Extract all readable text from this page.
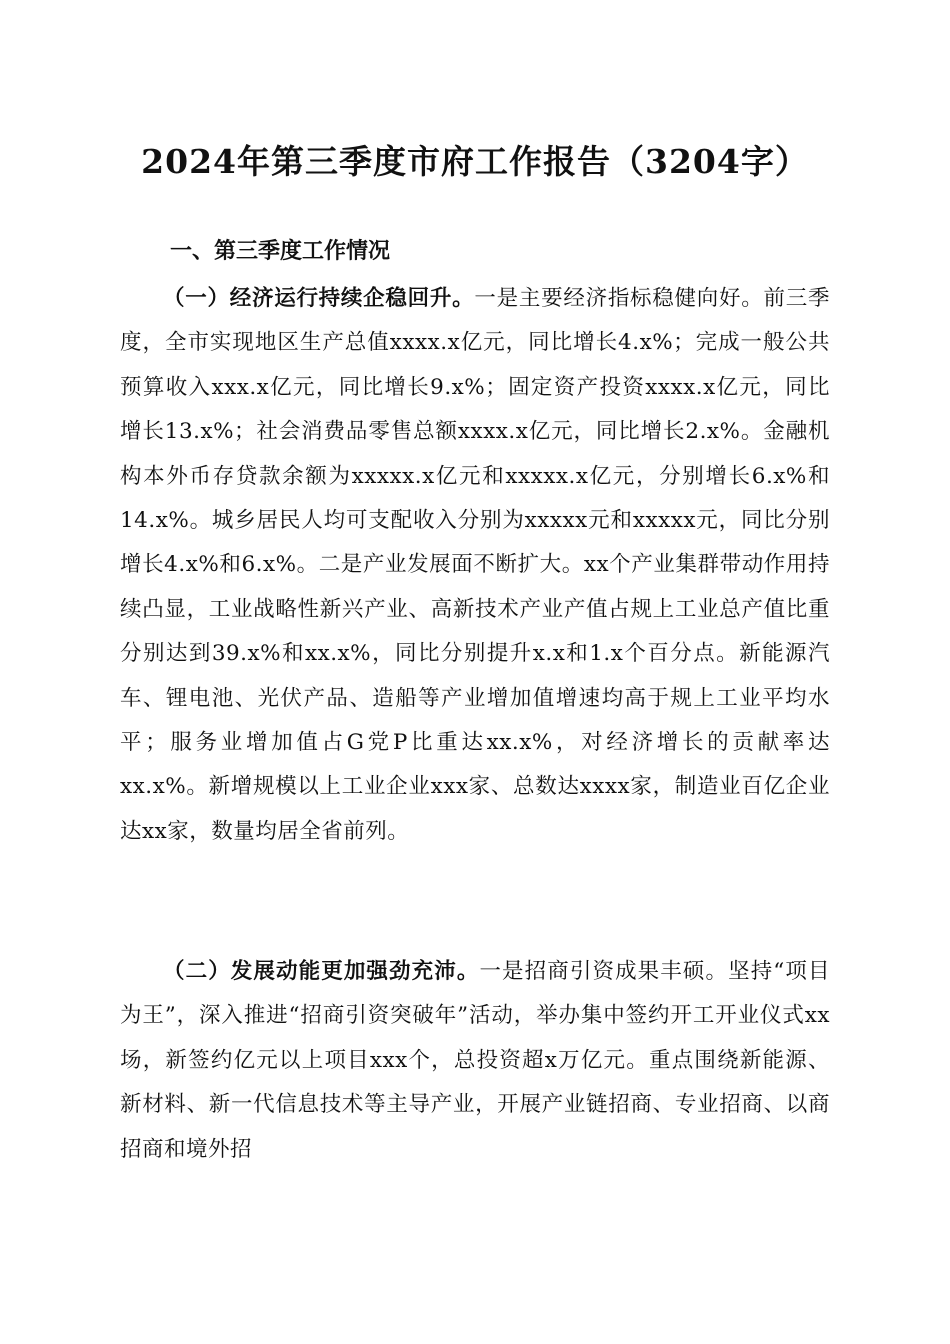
2024年第三季度市府工作报告（3204字）
一、第三季度工作情况

（一）经济运行持续企稳回升。一是主要经济指标稳健向好。前三季度，全市实现地区生产总值xxxx.x亿元，同比增长4.x%；完成一般公共预算收入xxx.x亿元，同比增长9.x%；固定资产投资xxxx.x亿元，同比增长13.x%；社会消费品零售总额xxxx.x亿元，同比增长2.x%。金融机构本外币存贷款余额为xxxxx.x亿元和xxxxx.x亿元，分别增长6.x%和14.x%。城乡居民人均可支配收入分别为xxxxx元和xxxxx元，同比分别增长4.x%和6.x%。二是产业发展面不断扩大。xx个产业集群带动作用持续凸显，工业战略性新兴产业、高新技术产业产值占规上工业总产值比重分别达到39.x%和xx.x%，同比分别提升x.x和1.x个百分点。新能源汽车、锂电池、光伏产品、造船等产业增加值增速均高于规上工业平均水平；服务业增加值占G党P比重达xx.x%，对经济增长的贡献率达xx.x%。新增规模以上工业企业xxx家、总数达xxxx家，制造业百亿企业达xx家，数量均居全省前列。

（二）发展动能更加强劲充沛。一是招商引资成果丰硕。坚持“项目为王”，深入推进“招商引资突破年”活动，举办集中签约开工开业仪式xx场，新签约亿元以上项目xxx个，总投资超x万亿元。重点围绕新能源、新材料、新一代信息技术等主导产业，开展产业链招商、专业招商、以商招商和境外招
